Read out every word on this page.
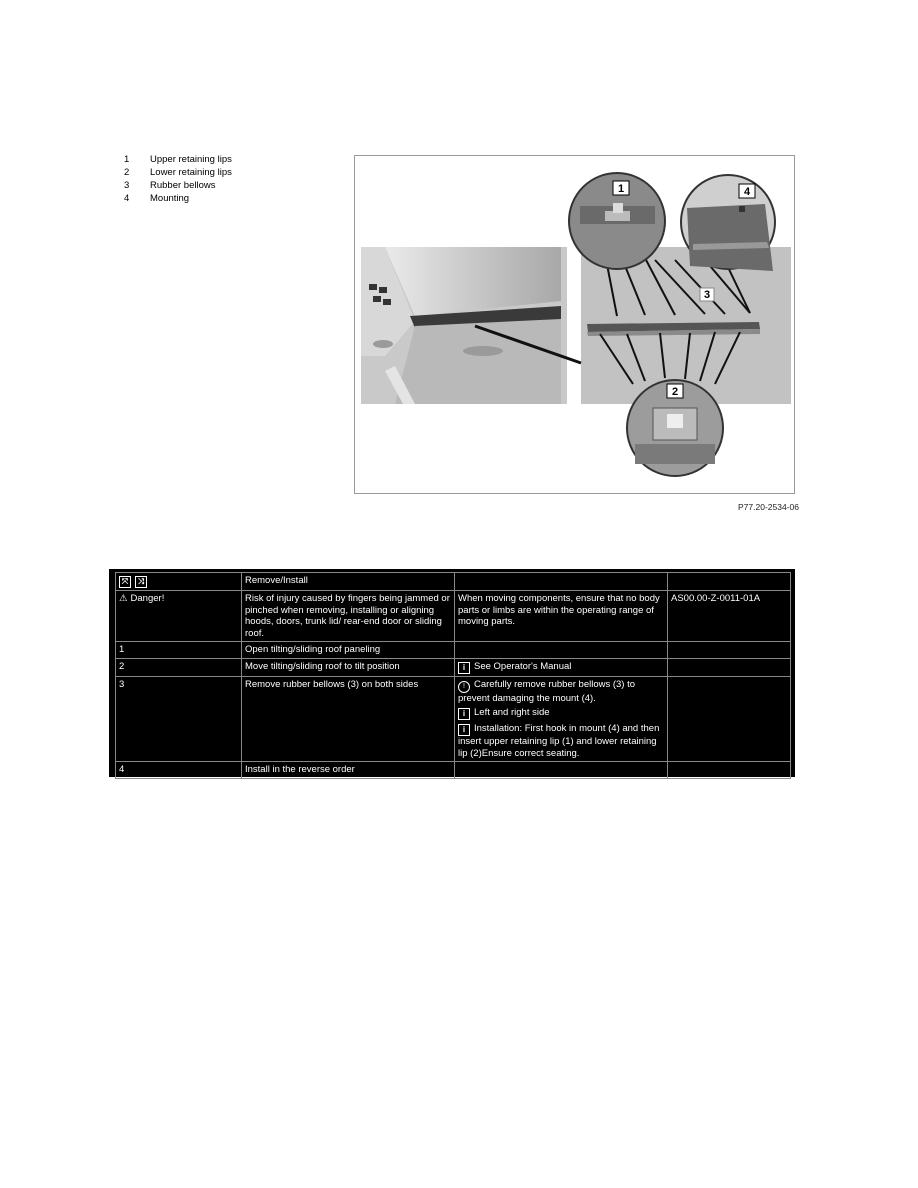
1	Upper retaining lips
2	Lower retaining lips
3	Rubber bellows
4	Mounting
1	4
3
2
P77.20-2534-06
⤧ ⤨	Remove/Install		
⚠ Danger!	Risk of injury caused by fingers being jammed or pinched when removing, installing or aligning hoods, doors, trunk lid/ rear-end door or sliding roof.	When moving components, ensure that no body parts or limbs are within the operating range of moving parts.	AS00.00-Z-0011-01A
1	Open tilting/sliding roof paneling		
2	Move tilting/sliding roof to tilt position	i See Operator's Manual	
3	Remove rubber bellows (3) on both sides	! Carefully remove rubber bellows (3) to prevent damaging the mount (4).
i Left and right side
i Installation: First hook in mount (4) and then insert upper retaining lip (1) and lower retaining lip (2)Ensure correct seating.	

4	Install in the reverse order		
